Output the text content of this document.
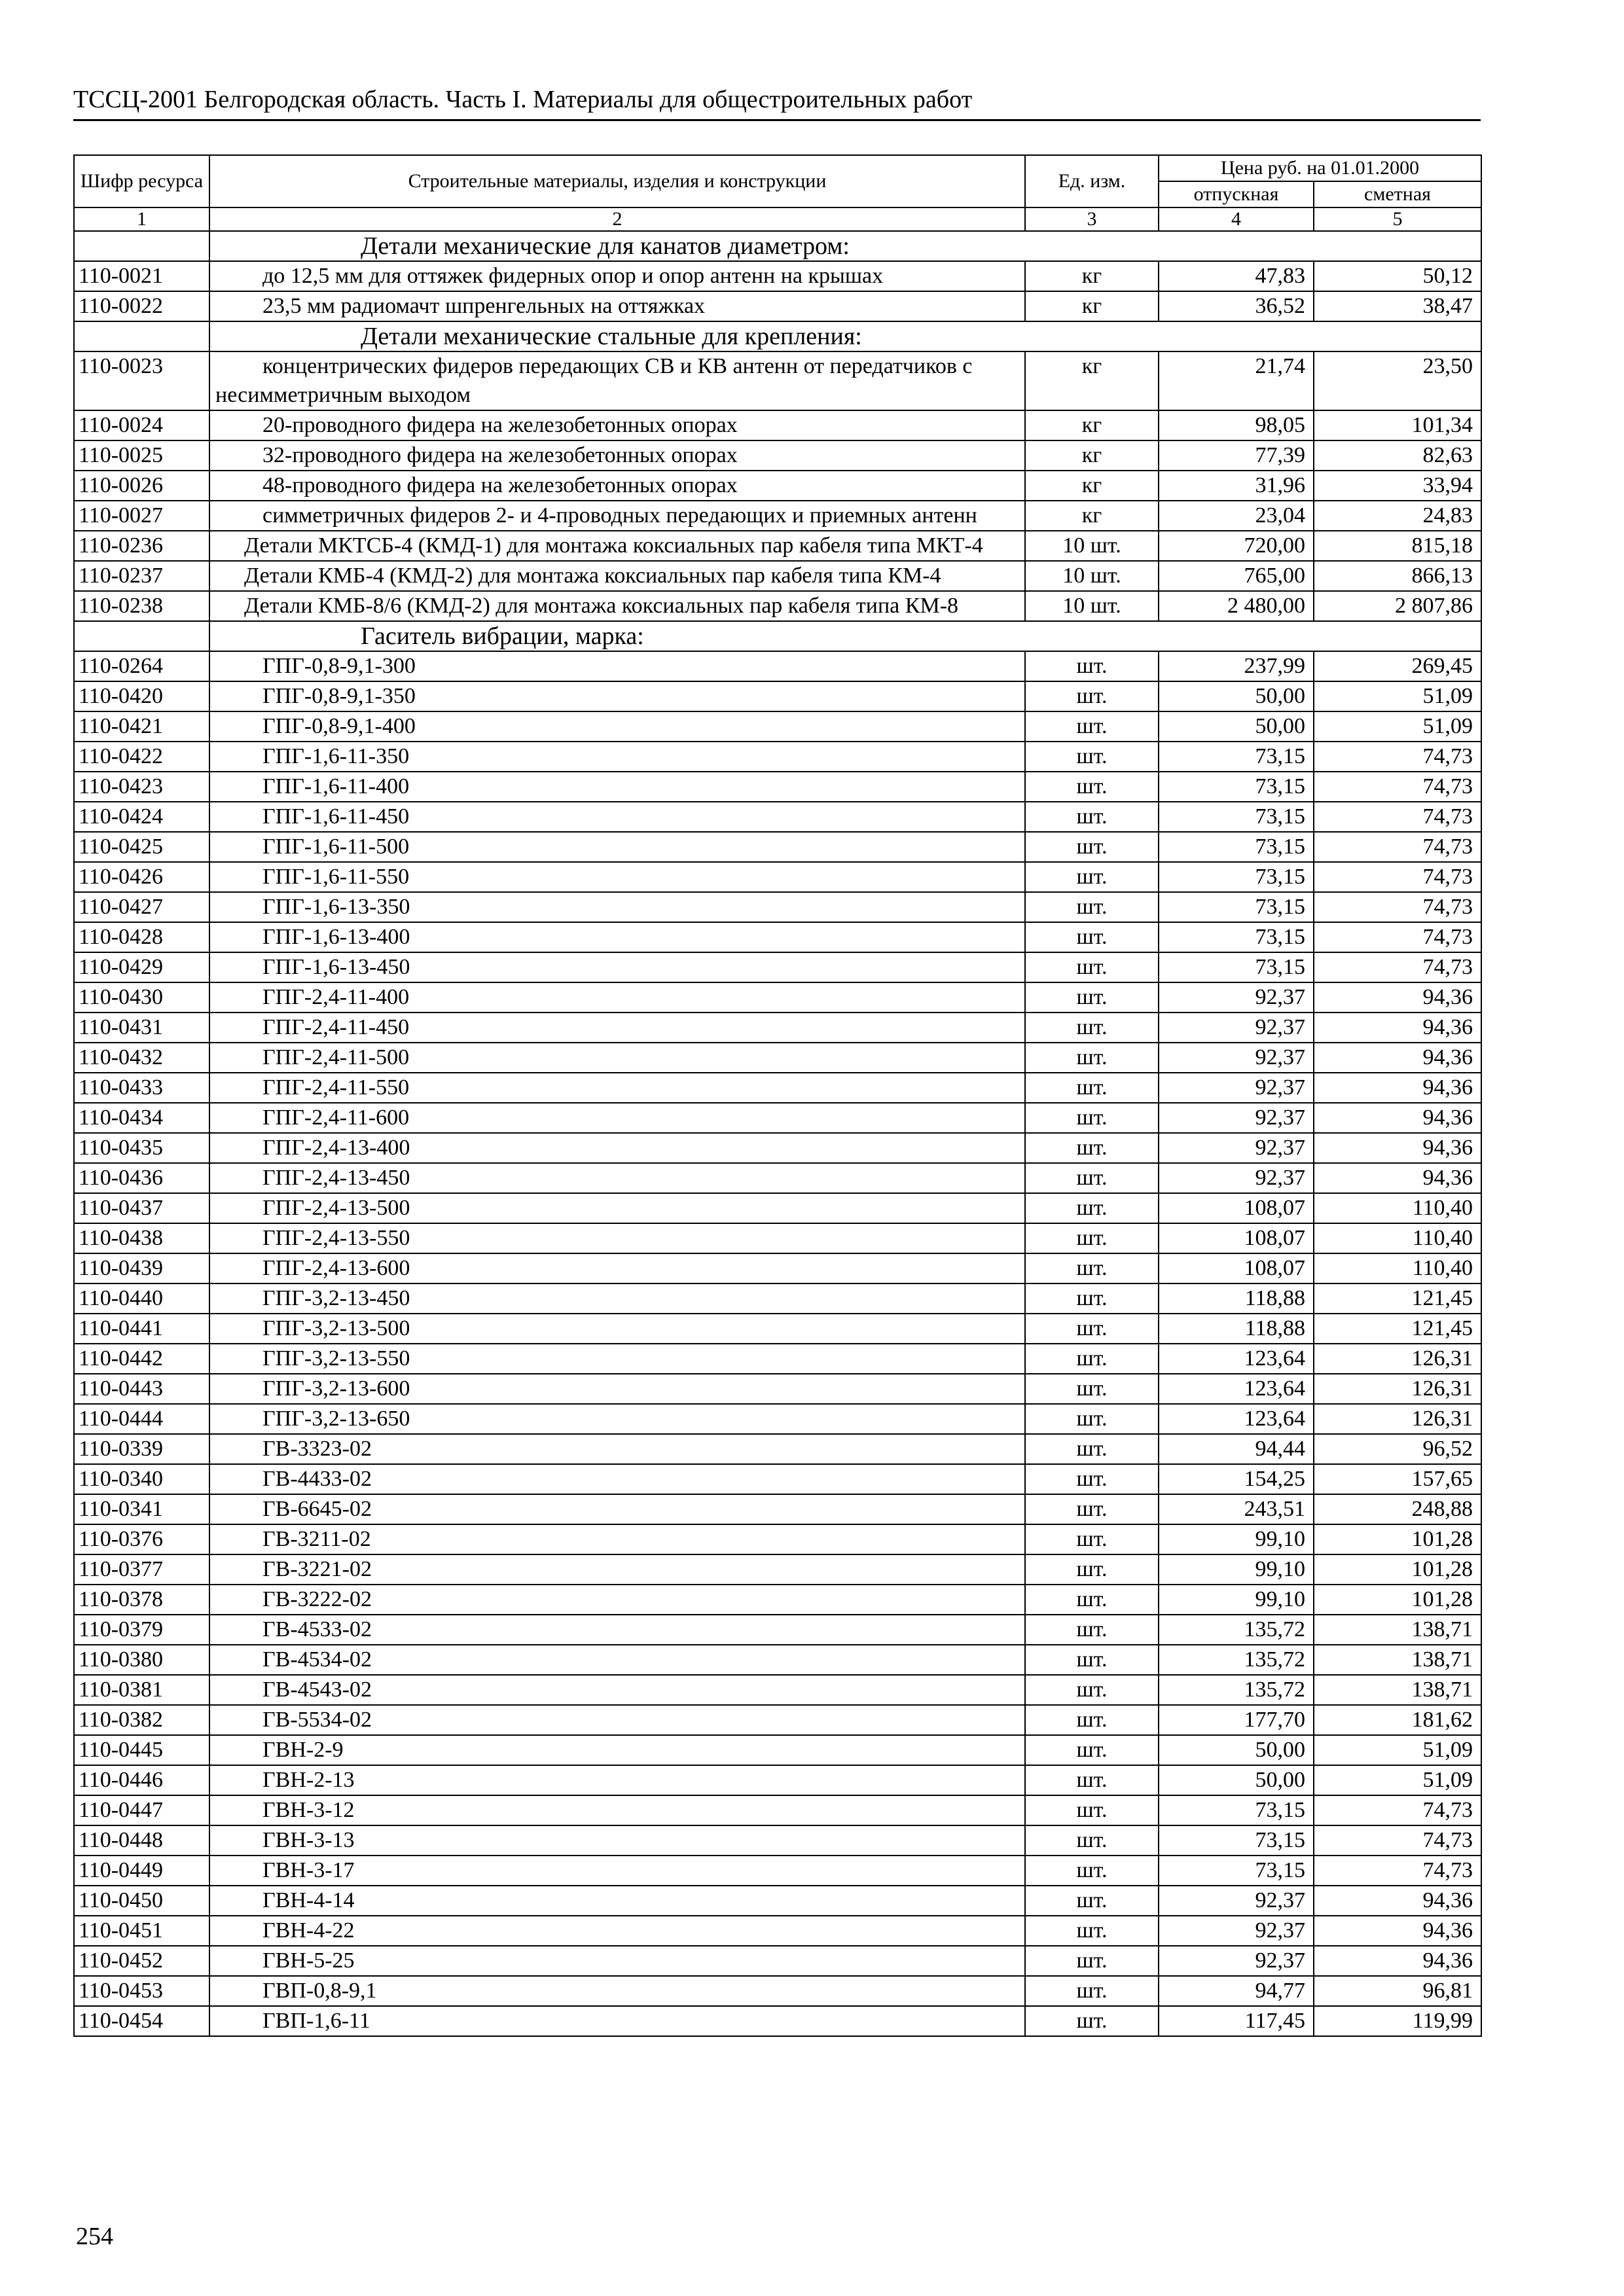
ТССЦ-2001 Белгородская область. Часть I. Материалы для общестроительных работ
Шифр ресурса	Строительные материалы, изделия и конструкции	Ед. изм.	Цена руб. на 01.01.2000	
			отпускная	сметная
1	2	3	4	5
	Детали механические для канатов диаметром:			
110-0021	до 12,5 мм для оттяжек фидерных опор и опор антенн на крышах	кг	47,83	50,12
110-0022	23,5 мм радиомачт шпренгельных на оттяжках	кг	36,52	38,47
	Детали механические стальные для крепления:			
110-0023	концентрических фидеров передающих СВ и КВ антенн от передатчиков с несимметричным выходом	кг	21,74	23,50
110-0024	20-проводного фидера на железобетонных опорах	кг	98,05	101,34
110-0025	32-проводного фидера на железобетонных опорах	кг	77,39	82,63
110-0026	48-проводного фидера на железобетонных опорах	кг	31,96	33,94
110-0027	симметричных фидеров 2- и 4-проводных передающих и приемных антенн	кг	23,04	24,83
110-0236	Детали МКТСБ-4 (КМД-1) для монтажа коксиальных пар кабеля типа МКТ-4	10 шт.	720,00	815,18
110-0237	Детали КМБ-4 (КМД-2) для монтажа коксиальных пар кабеля типа КМ-4	10 шт.	765,00	866,13
110-0238	Детали КМБ-8/6 (КМД-2) для монтажа коксиальных пар кабеля типа КМ-8	10 шт.	2 480,00	2 807,86
	Гаситель вибрации, марка:			
110-0264	ГПГ-0,8-9,1-300	шт.	237,99	269,45
110-0420	ГПГ-0,8-9,1-350	шт.	50,00	51,09
110-0421	ГПГ-0,8-9,1-400	шт.	50,00	51,09
110-0422	ГПГ-1,6-11-350	шт.	73,15	74,73
110-0423	ГПГ-1,6-11-400	шт.	73,15	74,73
110-0424	ГПГ-1,6-11-450	шт.	73,15	74,73
110-0425	ГПГ-1,6-11-500	шт.	73,15	74,73
110-0426	ГПГ-1,6-11-550	шт.	73,15	74,73
110-0427	ГПГ-1,6-13-350	шт.	73,15	74,73
110-0428	ГПГ-1,6-13-400	шт.	73,15	74,73
110-0429	ГПГ-1,6-13-450	шт.	73,15	74,73
110-0430	ГПГ-2,4-11-400	шт.	92,37	94,36
110-0431	ГПГ-2,4-11-450	шт.	92,37	94,36
110-0432	ГПГ-2,4-11-500	шт.	92,37	94,36
110-0433	ГПГ-2,4-11-550	шт.	92,37	94,36
110-0434	ГПГ-2,4-11-600	шт.	92,37	94,36
110-0435	ГПГ-2,4-13-400	шт.	92,37	94,36
110-0436	ГПГ-2,4-13-450	шт.	92,37	94,36
110-0437	ГПГ-2,4-13-500	шт.	108,07	110,40
110-0438	ГПГ-2,4-13-550	шт.	108,07	110,40
110-0439	ГПГ-2,4-13-600	шт.	108,07	110,40
110-0440	ГПГ-3,2-13-450	шт.	118,88	121,45
110-0441	ГПГ-3,2-13-500	шт.	118,88	121,45
110-0442	ГПГ-3,2-13-550	шт.	123,64	126,31
110-0443	ГПГ-3,2-13-600	шт.	123,64	126,31
110-0444	ГПГ-3,2-13-650	шт.	123,64	126,31
110-0339	ГВ-3323-02	шт.	94,44	96,52
110-0340	ГВ-4433-02	шт.	154,25	157,65
110-0341	ГВ-6645-02	шт.	243,51	248,88
110-0376	ГВ-3211-02	шт.	99,10	101,28
110-0377	ГВ-3221-02	шт.	99,10	101,28
110-0378	ГВ-3222-02	шт.	99,10	101,28
110-0379	ГВ-4533-02	шт.	135,72	138,71
110-0380	ГВ-4534-02	шт.	135,72	138,71
110-0381	ГВ-4543-02	шт.	135,72	138,71
110-0382	ГВ-5534-02	шт.	177,70	181,62
110-0445	ГВН-2-9	шт.	50,00	51,09
110-0446	ГВН-2-13	шт.	50,00	51,09
110-0447	ГВН-3-12	шт.	73,15	74,73
110-0448	ГВН-3-13	шт.	73,15	74,73
110-0449	ГВН-3-17	шт.	73,15	74,73
110-0450	ГВН-4-14	шт.	92,37	94,36
110-0451	ГВН-4-22	шт.	92,37	94,36
110-0452	ГВН-5-25	шт.	92,37	94,36
110-0453	ГВП-0,8-9,1	шт.	94,77	96,81
110-0454	ГВП-1,6-11	шт.	117,45	119,99
254
